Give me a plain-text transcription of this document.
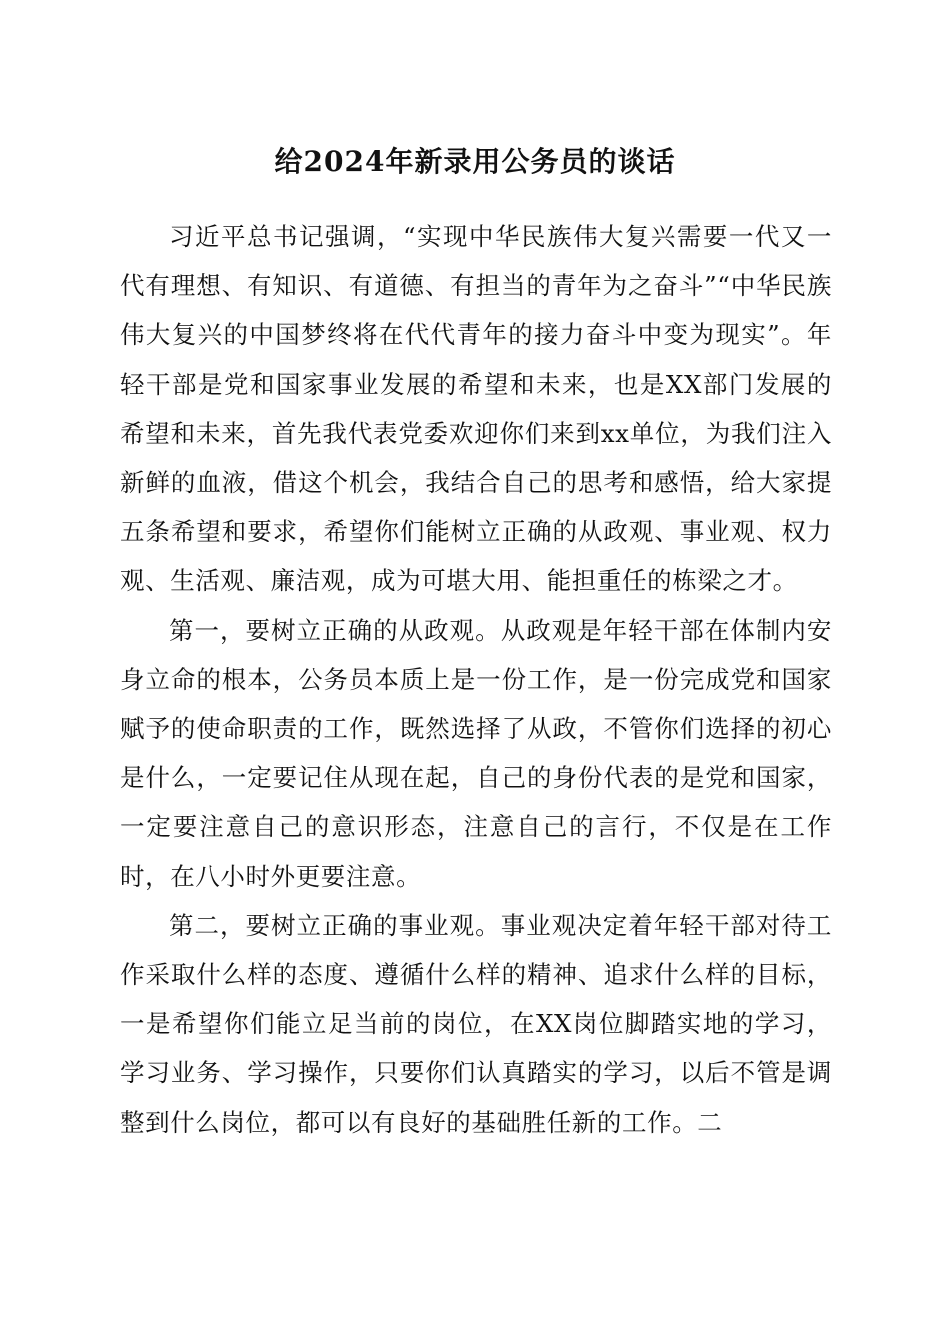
给2024年新录用公务员的谈话

习近平总书记强调，“实现中华民族伟大复兴需要一代又一代有理想、有知识、有道德、有担当的青年为之奋斗”“中华民族伟大复兴的中国梦终将在代代青年的接力奋斗中变为现实”。年轻干部是党和国家事业发展的希望和未来，也是XX部门发展的希望和未来，首先我代表党委欢迎你们来到xx单位，为我们注入新鲜的血液，借这个机会，我结合自己的思考和感悟，给大家提五条希望和要求，希望你们能树立正确的从政观、事业观、权力观、生活观、廉洁观，成为可堪大用、能担重任的栋梁之才。

第一，要树立正确的从政观。从政观是年轻干部在体制内安身立命的根本，公务员本质上是一份工作，是一份完成党和国家赋予的使命职责的工作，既然选择了从政，不管你们选择的初心是什么，一定要记住从现在起，自己的身份代表的是党和国家，一定要注意自己的意识形态，注意自己的言行，不仅是在工作时，在八小时外更要注意。

第二，要树立正确的事业观。事业观决定着年轻干部对待工作采取什么样的态度、遵循什么样的精神、追求什么样的目标，一是希望你们能立足当前的岗位，在XX岗位脚踏实地的学习，学习业务、学习操作，只要你们认真踏实的学习，以后不管是调整到什么岗位，都可以有良好的基础胜任新的工作。二
